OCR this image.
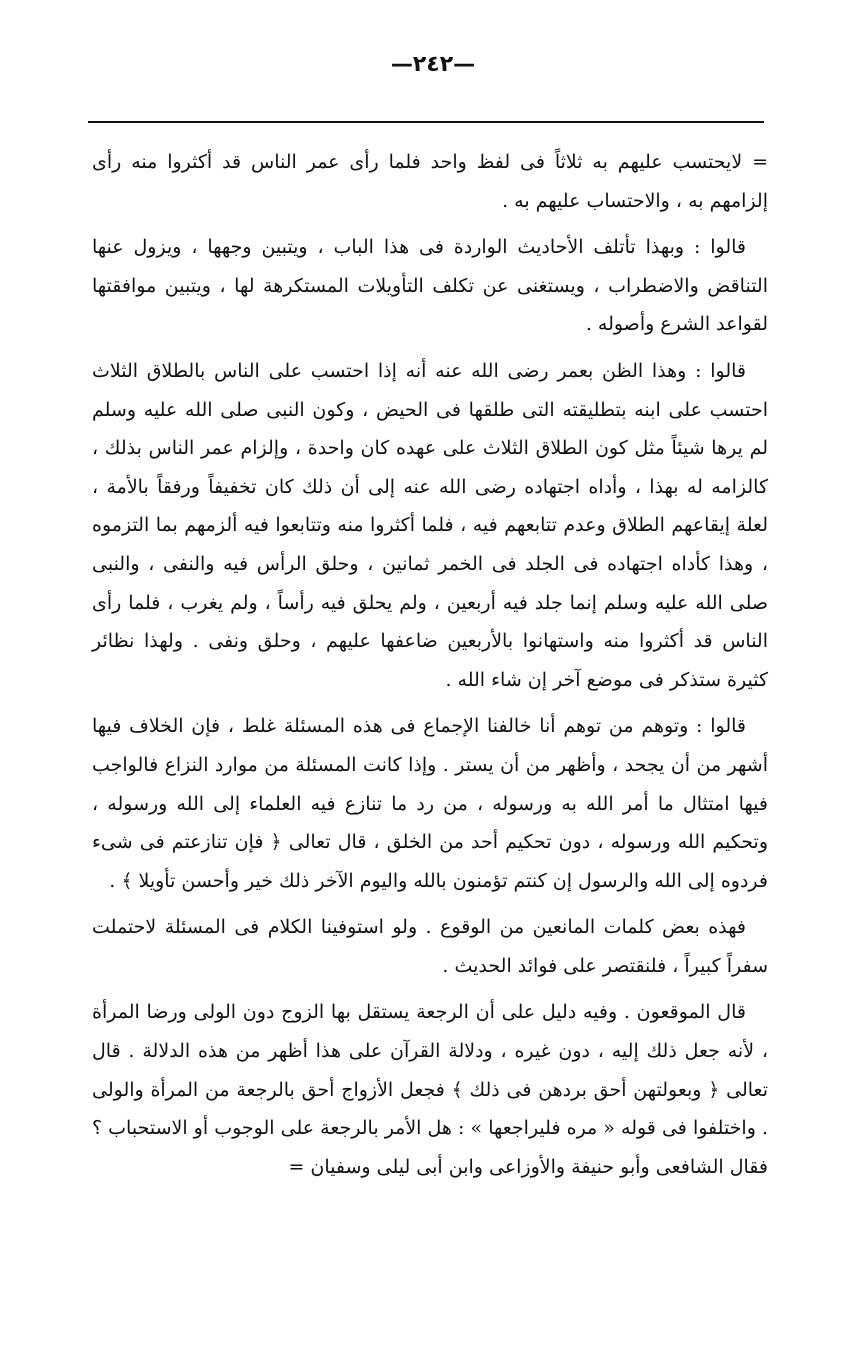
—٢٤٢—

= لايحتسب عليهم به ثلاثاً فى لفظ واحد فلما رأى عمر الناس قد أكثروا منه رأى إلزامهم به ، والاحتساب عليهم به .

قالوا : وبهذا تأتلف الأحاديث الواردة فى هذا الباب ، ويتبين وجهها ، ويزول عنها التناقض والاضطراب ، ويستغنى عن تكلف التأويلات المستكرهة لها ، ويتبين موافقتها لقواعد الشرع وأصوله .

قالوا : وهذا الظن بعمر رضى الله عنه أنه إذا احتسب على الناس بالطلاق الثلاث احتسب على ابنه بتطليقته التى طلقها فى الحيض ، وكون النبى صلى الله عليه وسلم لم يرها شيئاً مثل كون الطلاق الثلاث على عهده كان واحدة ، وإلزام عمر الناس بذلك ، كالزامه له بهذا ، وأداه اجتهاده رضى الله عنه إلى أن ذلك كان تخفيفاً ورفقاً بالأمة ، لعلة إيقاعهم الطلاق وعدم تتابعهم فيه ، فلما أكثروا منه وتتابعوا فيه ألزمهم بما التزموه ، وهذا كأداه اجتهاده فى الجلد فى الخمر ثمانين ، وحلق الرأس فيه والنفى ، والنبى صلى الله عليه وسلم إنما جلد فيه أربعين ، ولم يحلق فيه رأساً ، ولم يغرب ، فلما رأى الناس قد أكثروا منه واستهانوا بالأربعين ضاعفها عليهم ، وحلق ونفى . ولهذا نظائر كثيرة ستذكر فى موضع آخر إن شاء الله .

قالوا : وتوهم من توهم أنا خالفنا الإجماع فى هذه المسئلة غلط ، فإن الخلاف فيها أشهر من أن يجحد ، وأظهر من أن يستر . وإذا كانت المسئلة من موارد النزاع فالواجب فيها امتثال ما أمر الله به ورسوله ، من رد ما تنازع فيه العلماء إلى الله ورسوله ، وتحكيم الله ورسوله ، دون تحكيم أحد من الخلق ، قال تعالى ﴿ فإن تنازعتم فى شىء فردوه إلى الله والرسول إن كنتم تؤمنون بالله واليوم الآخر ذلك خير وأحسن تأويلا ﴾ .

فهذه بعض كلمات المانعين من الوقوع . ولو استوفينا الكلام فى المسئلة لاحتملت سفراً كبيراً ، فلنقتصر على فوائد الحديث .

قال الموقعون . وفيه دليل على أن الرجعة يستقل بها الزوج دون الولى ورضا المرأة ، لأنه جعل ذلك إليه ، دون غيره ، ودلالة القرآن على هذا أظهر من هذه الدلالة . قال تعالى ﴿ وبعولتهن أحق بردهن فى ذلك ﴾ فجعل الأزواج أحق بالرجعة من المرأة والولى . واختلفوا فى قوله « مره فليراجعها » : هل الأمر بالرجعة على الوجوب أو الاستحباب ؟ فقال الشافعى وأبو حنيفة والأوزاعى وابن أبى ليلى وسفيان =
